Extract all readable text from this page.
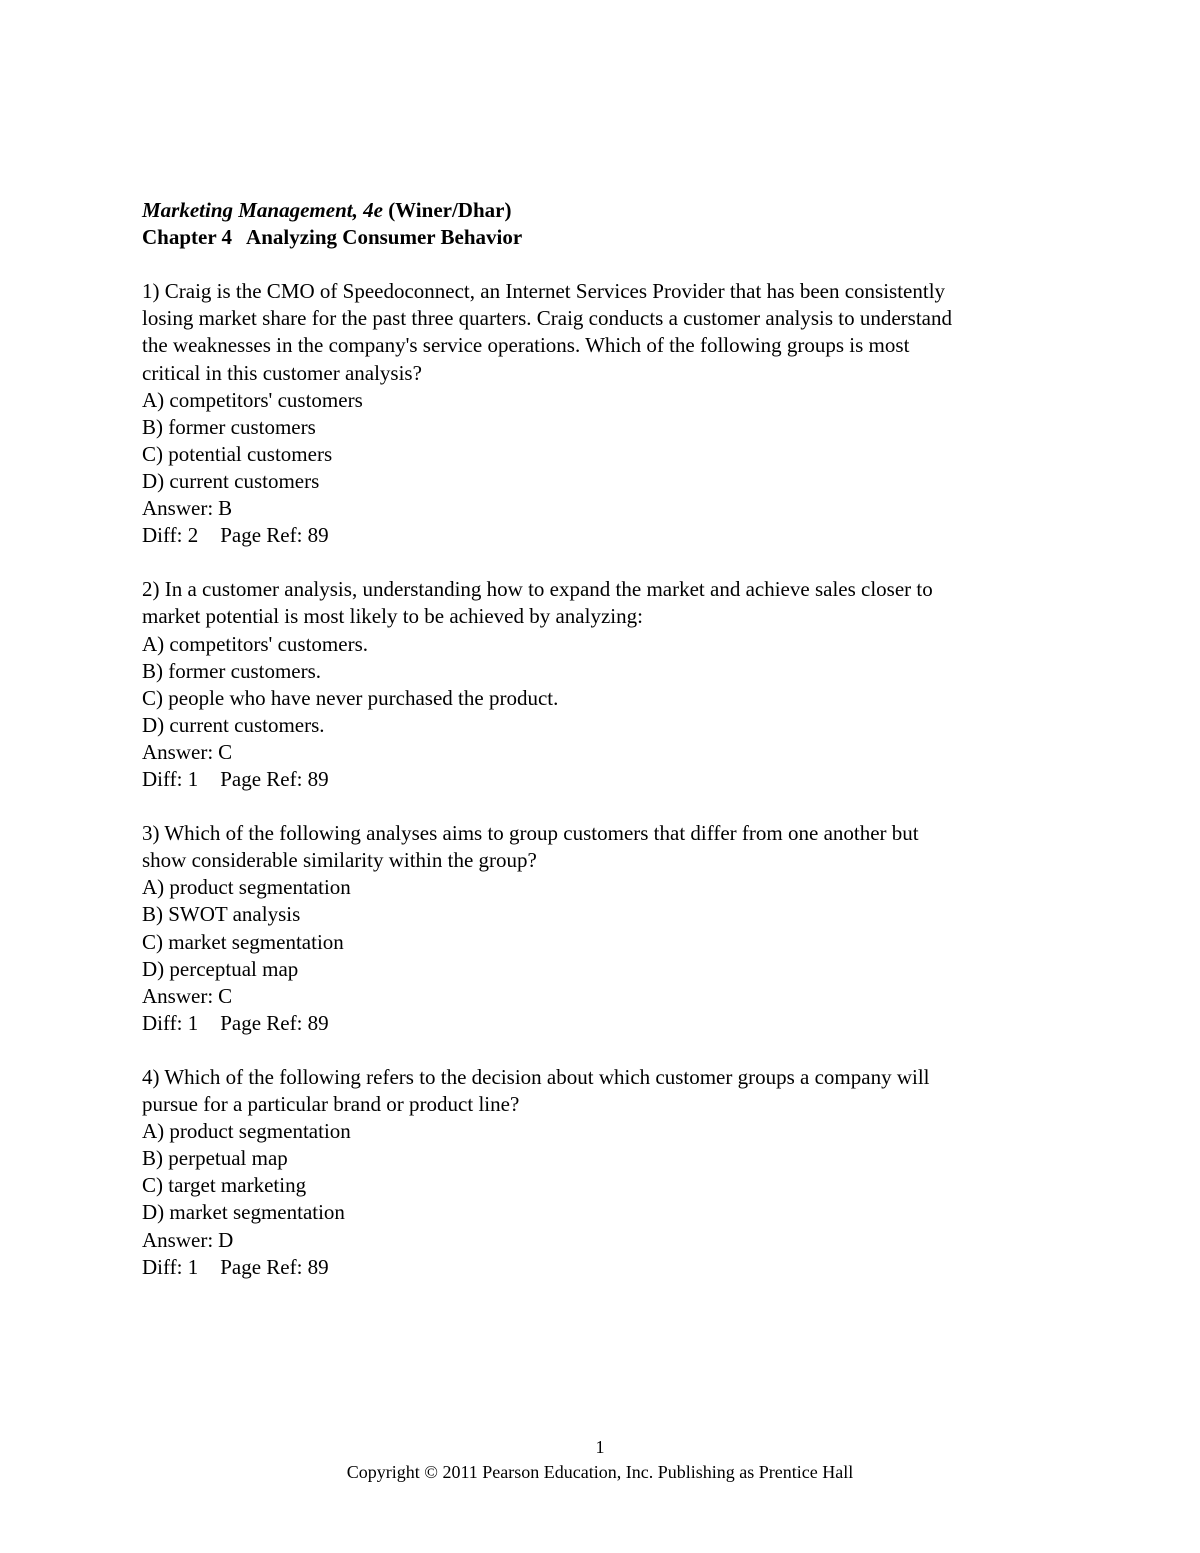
Marketing Management, 4e (Winer/Dhar)
Chapter 4 Analyzing Consumer Behavior
1) Craig is the CMO of Speedoconnect, an Internet Services Provider that has been consistently
losing market share for the past three quarters. Craig conducts a customer analysis to understand
the weaknesses in the company's service operations. Which of the following groups is most
critical in this customer analysis?
A) competitors' customers
B) former customers
C) potential customers
D) current customers
Answer: B
Diff: 2 Page Ref: 89
2) In a customer analysis, understanding how to expand the market and achieve sales closer to
market potential is most likely to be achieved by analyzing:
A) competitors' customers.
B) former customers.
C) people who have never purchased the product.
D) current customers.
Answer: C
Diff: 1 Page Ref: 89
3) Which of the following analyses aims to group customers that differ from one another but
show considerable similarity within the group?
A) product segmentation
B) SWOT analysis
C) market segmentation
D) perceptual map
Answer: C
Diff: 1 Page Ref: 89
4) Which of the following refers to the decision about which customer groups a company will
pursue for a particular brand or product line?
A) product segmentation
B) perpetual map
C) target marketing
D) market segmentation
Answer: D
Diff: 1 Page Ref: 89
1
Copyright © 2011 Pearson Education, Inc. Publishing as Prentice Hall
